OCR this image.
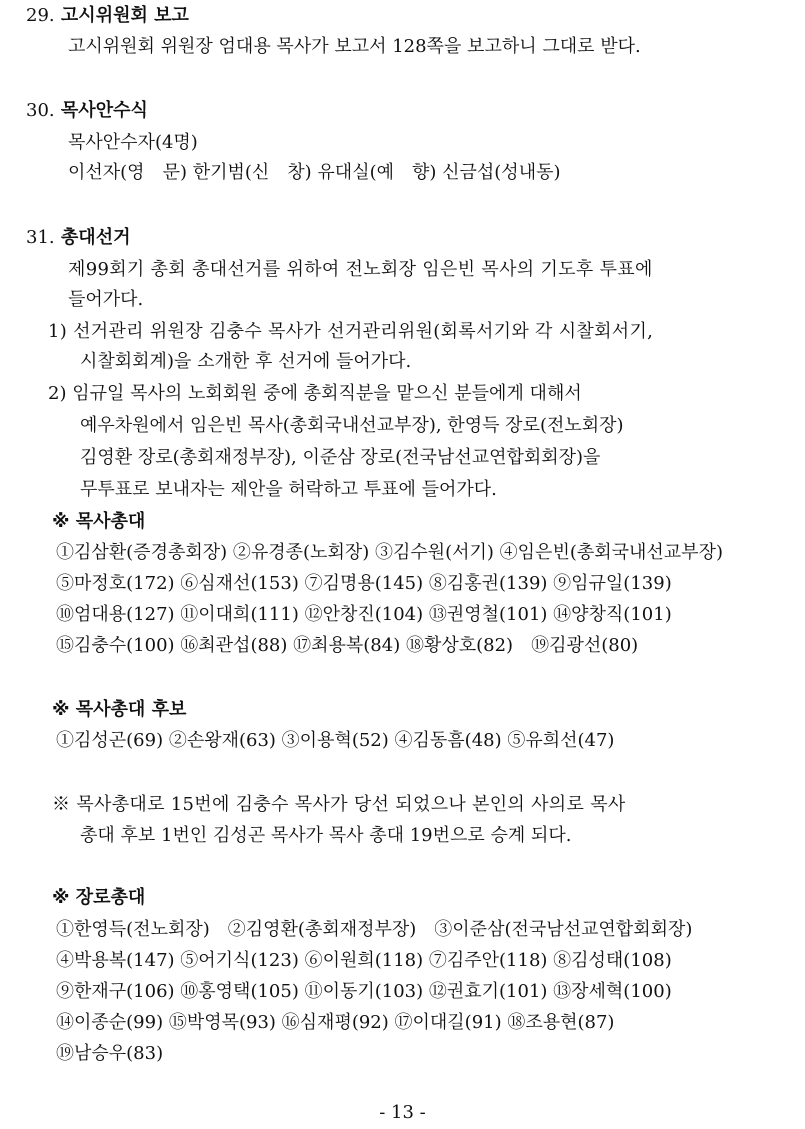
29. 고시위원회 보고
고시위원회 위원장 엄대용 목사가 보고서 128쪽을 보고하니 그대로 받다.
30. 목사안수식
목사안수자(4명)
이선자(영　문) 한기범(신　창) 유대실(예　향) 신금섭(성내동)
31. 총대선거
제99회기 총회 총대선거를 위하여 전노회장 임은빈 목사의 기도후 투표에
들어가다.
1) 선거관리 위원장 김충수 목사가 선거관리위원(회록서기와 각 시찰회서기,
시찰회회계)을 소개한 후 선거에 들어가다.
2) 임규일 목사의 노회회원 중에 총회직분을 맡으신 분들에게 대해서
예우차원에서 임은빈 목사(총회국내선교부장), 한영득 장로(전노회장)
김영환 장로(총회재정부장), 이준삼 장로(전국남선교연합회회장)을
무투표로 보내자는 제안을 허락하고 투표에 들어가다.
※ 목사총대
①김삼환(증경총회장) ②유경종(노회장) ③김수원(서기) ④임은빈(총회국내선교부장)
⑤마정호(172) ⑥심재선(153) ⑦김명용(145) ⑧김홍권(139) ⑨임규일(139)
⑩엄대용(127) ⑪이대희(111) ⑫안창진(104) ⑬권영철(101) ⑭양창직(101)
⑮김충수(100) ⑯최관섭(88) ⑰최용복(84) ⑱황상호(82)　⑲김광선(80)
※ 목사총대 후보
①김성곤(69) ②손왕재(63) ③이용혁(52) ④김동흠(48) ⑤유희선(47)
※ 목사총대로 15번에 김충수 목사가 당선 되었으나 본인의 사의로 목사
총대 후보 1번인 김성곤 목사가 목사 총대 19번으로 승계 되다.
※ 장로총대
①한영득(전노회장)　②김영환(총회재정부장)　③이준삼(전국남선교연합회회장)
④박용복(147) ⑤어기식(123) ⑥이원희(118) ⑦김주안(118) ⑧김성태(108)
⑨한재구(106) ⑩홍영택(105) ⑪이동기(103) ⑫권효기(101) ⑬장세혁(100)
⑭이종순(99) ⑮박영목(93) ⑯심재평(92) ⑰이대길(91) ⑱조용현(87)
⑲남승우(83)
- 13 -
